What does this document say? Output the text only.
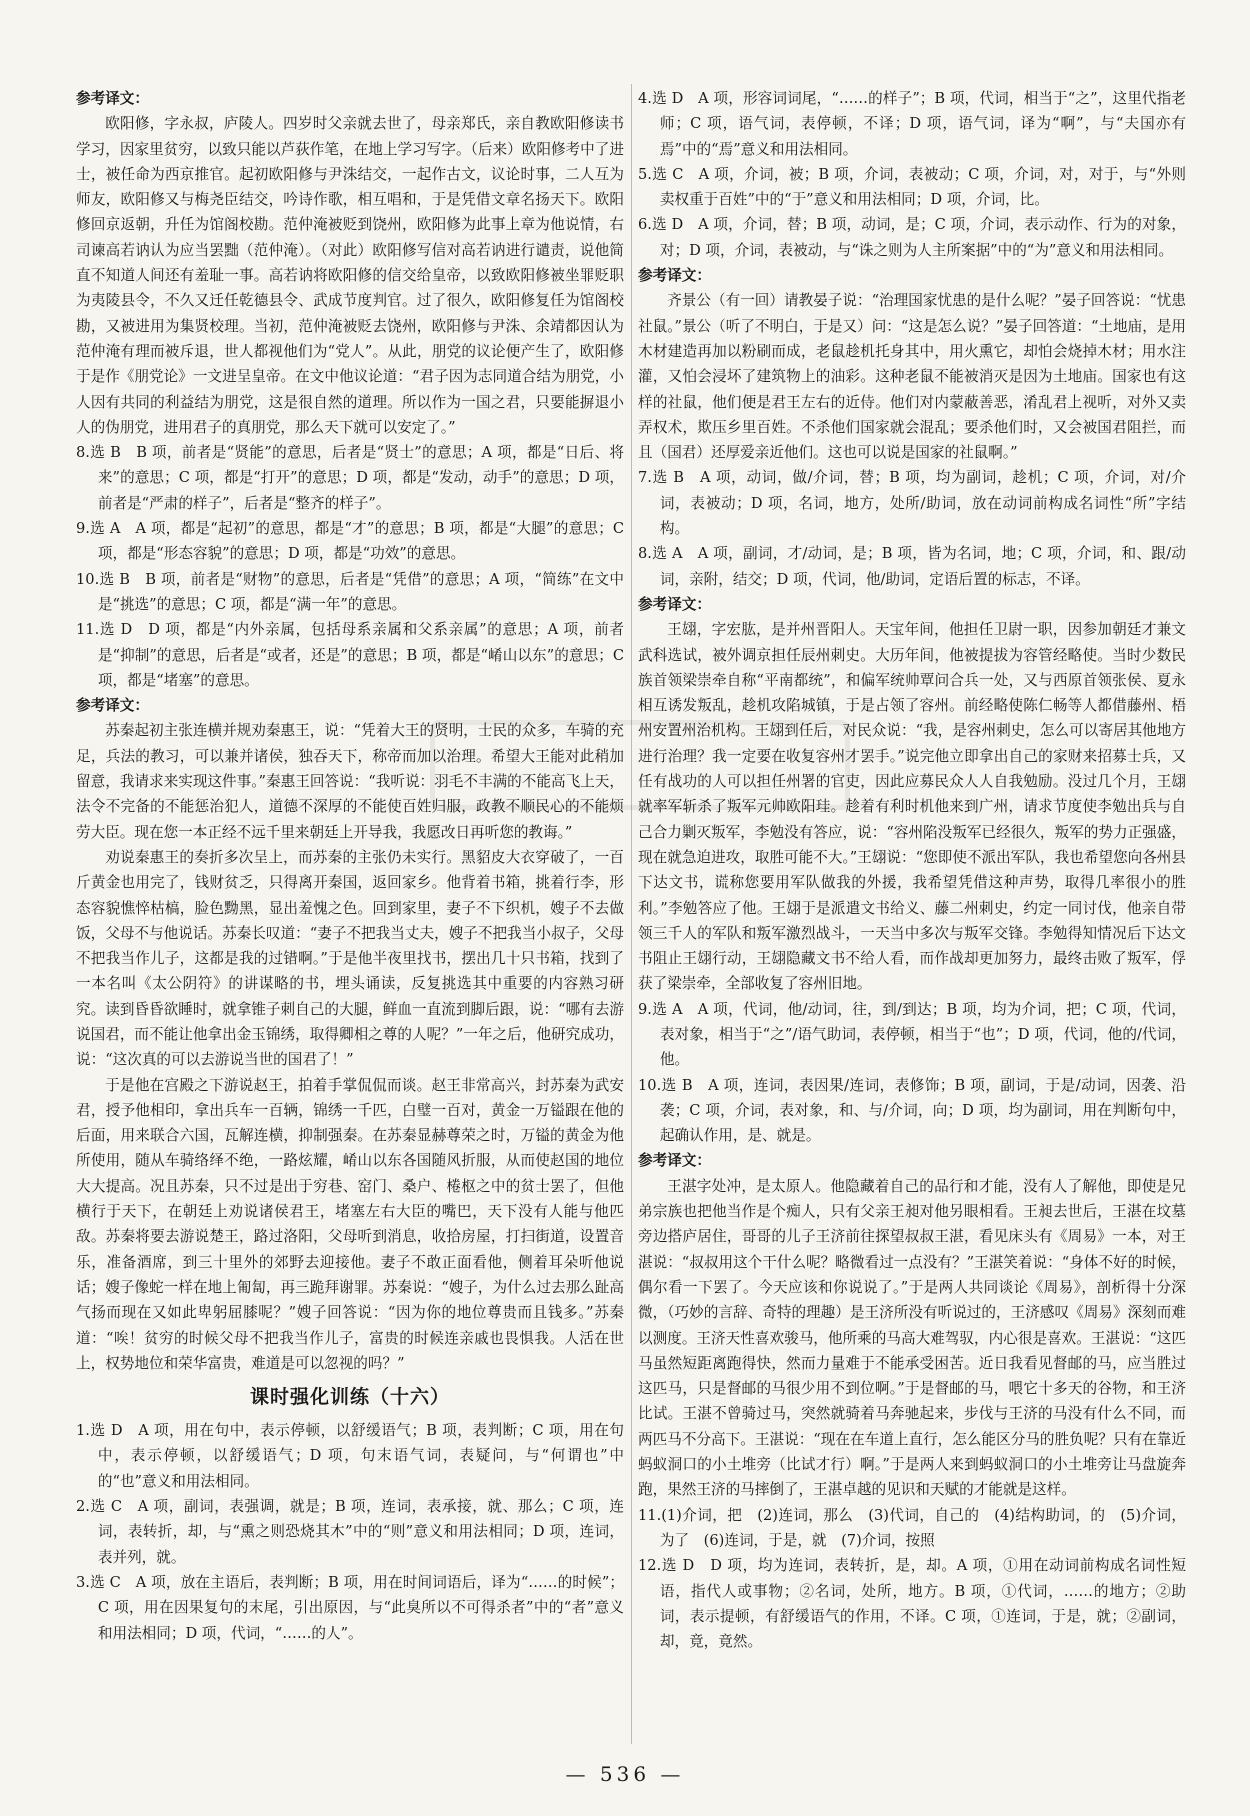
参考译文：

欧阳修，字永叔，庐陵人。四岁时父亲就去世了，母亲郑氏，亲自教欧阳修读书学习，因家里贫穷，以致只能以芦荻作笔，在地上学习写字。（后来）欧阳修考中了进士，被任命为西京推官。起初欧阳修与尹洙结交，一起作古文，议论时事，二人互为师友，欧阳修又与梅尧臣结交，吟诗作歌，相互唱和，于是凭借文章名扬天下。欧阳修回京返朝，升任为馆阁校勘。范仲淹被贬到饶州，欧阳修为此事上章为他说情，右司谏高若讷认为应当罢黜（范仲淹）。（对此）欧阳修写信对高若讷进行谴责，说他简直不知道人间还有羞耻一事。高若讷将欧阳修的信交给皇帝，以致欧阳修被坐罪贬职为夷陵县令，不久又迁任乾德县令、武成节度判官。过了很久，欧阳修复任为馆阁校勘，又被进用为集贤校理。当初，范仲淹被贬去饶州，欧阳修与尹洙、余靖都因认为范仲淹有理而被斥退，世人都视他们为“党人”。从此，朋党的议论便产生了，欧阳修于是作《朋党论》一文进呈皇帝。在文中他议论道：“君子因为志同道合结为朋党，小人因有共同的利益结为朋党，这是很自然的道理。所以作为一国之君，只要能摒退小人的伪朋党，进用君子的真朋党，那么天下就可以安定了。”

8.选 B　B 项，前者是“贤能”的意思，后者是“贤士”的意思；A 项，都是“日后、将来”的意思；C 项，都是“打开”的意思；D 项，都是“发动，动手”的意思；D 项，前者是“严肃的样子”，后者是“整齐的样子”。

9.选 A　A 项，都是“起初”的意思，都是“才”的意思；B 项，都是“大腿”的意思；C 项，都是“形态容貌”的意思；D 项，都是“功效”的意思。

10.选 B　B 项，前者是“财物”的意思，后者是“凭借”的意思；A 项，“简练”在文中是“挑选”的意思；C 项，都是“满一年”的意思。

11.选 D　D 项，都是“内外亲属，包括母系亲属和父系亲属”的意思；A 项，前者是“抑制”的意思，后者是“或者，还是”的意思；B 项，都是“崤山以东”的意思；C 项，都是“堵塞”的意思。

参考译文：

苏秦起初主张连横并规劝秦惠王，说：“凭着大王的贤明，士民的众多，车骑的充足，兵法的教习，可以兼并诸侯，独吞天下，称帝而加以治理。希望大王能对此稍加留意，我请求来实现这件事。”秦惠王回答说：“我听说：羽毛不丰满的不能高飞上天，法令不完备的不能惩治犯人，道德不深厚的不能使百姓归服，政教不顺民心的不能烦劳大臣。现在您一本正经不远千里来朝廷上开导我，我愿改日再听您的教诲。”

劝说秦惠王的奏折多次呈上，而苏秦的主张仍未实行。黑貂皮大衣穿破了，一百斤黄金也用完了，钱财贫乏，只得离开秦国，返回家乡。他背着书箱，挑着行李，形态容貌憔悴枯槁，脸色黝黑，显出羞愧之色。回到家里，妻子不下织机，嫂子不去做饭，父母不与他说话。苏秦长叹道：“妻子不把我当丈夫，嫂子不把我当小叔子，父母不把我当作儿子，这都是我的过错啊。”于是他半夜里找书，摆出几十只书箱，找到了一本名叫《太公阴符》的讲谋略的书，埋头诵读，反复挑选其中重要的内容熟习研究。读到昏昏欲睡时，就拿锥子刺自己的大腿，鲜血一直流到脚后跟，说：“哪有去游说国君，而不能让他拿出金玉锦绣，取得卿相之尊的人呢？”一年之后，他研究成功，说：“这次真的可以去游说当世的国君了！”

于是他在宫殿之下游说赵王，拍着手掌侃侃而谈。赵王非常高兴，封苏秦为武安君，授予他相印，拿出兵车一百辆，锦绣一千匹，白璧一百对，黄金一万镒跟在他的后面，用来联合六国，瓦解连横，抑制强秦。在苏秦显赫尊荣之时，万镒的黄金为他所使用，随从车骑络绎不绝，一路炫耀，崤山以东各国随风折服，从而使赵国的地位大大提高。况且苏秦，只不过是出于穷巷、窑门、桑户、棬枢之中的贫士罢了，但他横行于天下，在朝廷上劝说诸侯君王，堵塞左右大臣的嘴巴，天下没有人能与他匹敌。苏秦将要去游说楚王，路过洛阳，父母听到消息，收拾房屋，打扫街道，设置音乐，准备酒席，到三十里外的郊野去迎接他。妻子不敢正面看他，侧着耳朵听他说话；嫂子像蛇一样在地上匍匐，再三跪拜谢罪。苏秦说：“嫂子，为什么过去那么趾高气扬而现在又如此卑躬屈膝呢？”嫂子回答说：“因为你的地位尊贵而且钱多。”苏秦道：“唉！贫穷的时候父母不把我当作儿子，富贵的时候连亲戚也畏惧我。人活在世上，权势地位和荣华富贵，难道是可以忽视的吗？”

课时强化训练（十六）

1.选 D　A 项，用在句中，表示停顿，以舒缓语气；B 项，表判断；C 项，用在句中，表示停顿，以舒缓语气；D 项，句末语气词，表疑问，与“何谓也”中的“也”意义和用法相同。

2.选 C　A 项，副词，表强调，就是；B 项，连词，表承接，就、那么；C 项，连词，表转折，却，与“熏之则恐烧其木”中的“则”意义和用法相同；D 项，连词，表并列，就。

3.选 C　A 项，放在主语后，表判断；B 项，用在时间词语后，译为“……的时候”；C 项，用在因果复句的末尾，引出原因，与“此臭所以不可得杀者”中的“者”意义和用法相同；D 项，代词，“……的人”。

4.选 D　A 项，形容词词尾，“……的样子”；B 项，代词，相当于“之”，这里代指老师；C 项，语气词，表停顿，不译；D 项，语气词，译为“啊”，与“夫国亦有焉”中的“焉”意义和用法相同。

5.选 C　A 项，介词，被；B 项，介词，表被动；C 项，介词，对，对于，与“外则卖权重于百姓”中的“于”意义和用法相同；D 项，介词，比。

6.选 D　A 项，介词，替；B 项，动词，是；C 项，介词，表示动作、行为的对象，对；D 项，介词，表被动，与“诛之则为人主所案据”中的“为”意义和用法相同。

参考译文：

齐景公（有一回）请教晏子说：“治理国家忧患的是什么呢？”晏子回答说：“忧患社鼠。”景公（听了不明白，于是又）问：“这是怎么说？”晏子回答道：“土地庙，是用木材建造再加以粉刷而成，老鼠趁机托身其中，用火熏它，却怕会烧掉木材；用水注灌，又怕会浸坏了建筑物上的油彩。这种老鼠不能被消灭是因为土地庙。国家也有这样的社鼠，他们便是君王左右的近侍。他们对内蒙蔽善恶，淆乱君上视听，对外又卖弄权术，欺压乡里百姓。不杀他们国家就会混乱；要杀他们时，又会被国君阻拦，而且（国君）还厚爱亲近他们。这也可以说是国家的社鼠啊。”

7.选 B　A 项，动词，做/介词，替；B 项，均为副词，趁机；C 项，介词，对/介词，表被动；D 项，名词，地方，处所/助词，放在动词前构成名词性“所”字结构。

8.选 A　A 项，副词，才/动词，是；B 项，皆为名词，地；C 项，介词，和、跟/动词，亲附，结交；D 项，代词，他/助词，定语后置的标志，不译。

参考译文：

王翃，字宏肱，是并州晋阳人。天宝年间，他担任卫尉一职，因参加朝廷才兼文武科选试，被外调京担任辰州刺史。大历年间，他被提拔为容管经略使。当时少数民族首领梁崇牵自称“平南都统”，和偏军统帅覃问合兵一处，又与西原首领张侯、夏永相互诱发叛乱，趁机攻陷城镇，于是占领了容州。前经略使陈仁畅等人都借藤州、梧州安置州治机构。王翃到任后，对民众说：“我，是容州刺史，怎么可以寄居其他地方进行治理？我一定要在收复容州才罢手。”说完他立即拿出自己的家财来招募士兵，又任有战功的人可以担任州署的官吏，因此应募民众人人自我勉励。没过几个月，王翃就率军斩杀了叛军元帅欧阳珪。趁着有利时机他来到广州，请求节度使李勉出兵与自己合力剿灭叛军，李勉没有答应，说：“容州陷没叛军已经很久，叛军的势力正强盛，现在就急迫进攻，取胜可能不大。”王翃说：“您即使不派出军队，我也希望您向各州县下达文书，谎称您要用军队做我的外援，我希望凭借这种声势，取得几率很小的胜利。”李勉答应了他。王翃于是派遣文书给义、藤二州刺史，约定一同讨伐，他亲自带领三千人的军队和叛军激烈战斗，一天当中多次与叛军交锋。李勉得知情况后下达文书阻止王翃行动，王翃隐藏文书不给人看，而作战却更加努力，最终击败了叛军，俘获了梁崇牵，全部收复了容州旧地。

9.选 A　A 项，代词，他/动词，往，到/到达；B 项，均为介词，把；C 项，代词，表对象，相当于“之”/语气助词，表停顿，相当于“也”；D 项，代词，他的/代词，他。

10.选 B　A 项，连词，表因果/连词，表修饰；B 项，副词，于是/动词，因袭、沿袭；C 项，介词，表对象，和、与/介词，向；D 项，均为副词，用在判断句中，起确认作用，是、就是。

参考译文：

王湛字处冲，是太原人。他隐藏着自己的品行和才能，没有人了解他，即使是兄弟宗族也把他当作是个痴人，只有父亲王昶对他另眼相看。王昶去世后，王湛在坟墓旁边搭庐居住，哥哥的儿子王济前往探望叔叔王湛，看见床头有《周易》一本，对王湛说：“叔叔用这个干什么呢？略微看过一点没有？”王湛笑着说：“身体不好的时候，偶尔看一下罢了。今天应该和你说说了。”于是两人共同谈论《周易》，剖析得十分深微，（巧妙的言辞、奇特的理趣）是王济所没有听说过的，王济感叹《周易》深刻而难以测度。王济天性喜欢骏马，他所乘的马高大难驾驭，内心很是喜欢。王湛说：“这匹马虽然短距离跑得快，然而力量难于不能承受困苦。近日我看见督邮的马，应当胜过这匹马，只是督邮的马很少用不到位啊。”于是督邮的马，喂它十多天的谷物，和王济比试。王湛不曾骑过马，突然就骑着马奔驰起来，步伐与王济的马没有什么不同，而两匹马不分高下。王湛说：“现在在车道上直行，怎么能区分马的胜负呢？只有在靠近蚂蚁洞口的小土堆旁（比试才行）啊。”于是两人来到蚂蚁洞口的小土堆旁让马盘旋奔跑，果然王济的马摔倒了，王湛卓越的见识和天赋的才能就是这样。

11.(1)介词，把　(2)连词，那么　(3)代词，自己的　(4)结构助词，的　(5)介词，为了　(6)连词，于是，就　(7)介词，按照

12.选 D　D 项，均为连词，表转折，是，却。A 项，①用在动词前构成名词性短语，指代人或事物；②名词，处所，地方。B 项，①代词，……的地方；②助词，表示提顿，有舒缓语气的作用，不译。C 项，①连词，于是，就；②副词，却，竟，竟然。

— 536 —
